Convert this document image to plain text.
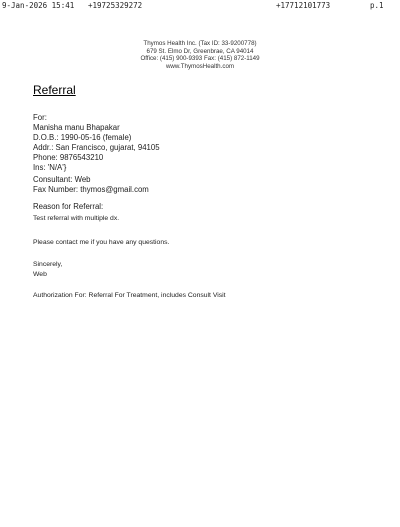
9-Jan-2026 15:41 +19725329272	+17712101773	p.1
Thymos Health Inc. (Tax ID: 33-9200778)
679 St. Elmo Dr, Greenbrae, CA 94014
Office: (415) 900-9393 Fax: (415) 872-1149
www.ThymosHealth.com
Referral
For:
Manisha manu Bhapakar
D.O.B.: 1990-05-16 (female)
Addr.: San Francisco, gujarat, 94105
Phone: 9876543210
Ins: 'N/A'}
Consultant: Web
Fax Number: thymos@gmail.com
Reason for Referral:
Test referral with multiple dx.
Please contact me if you have any questions.
Sincerely,
Web
Authorization For: Referral For Treatment, includes Consult Visit
